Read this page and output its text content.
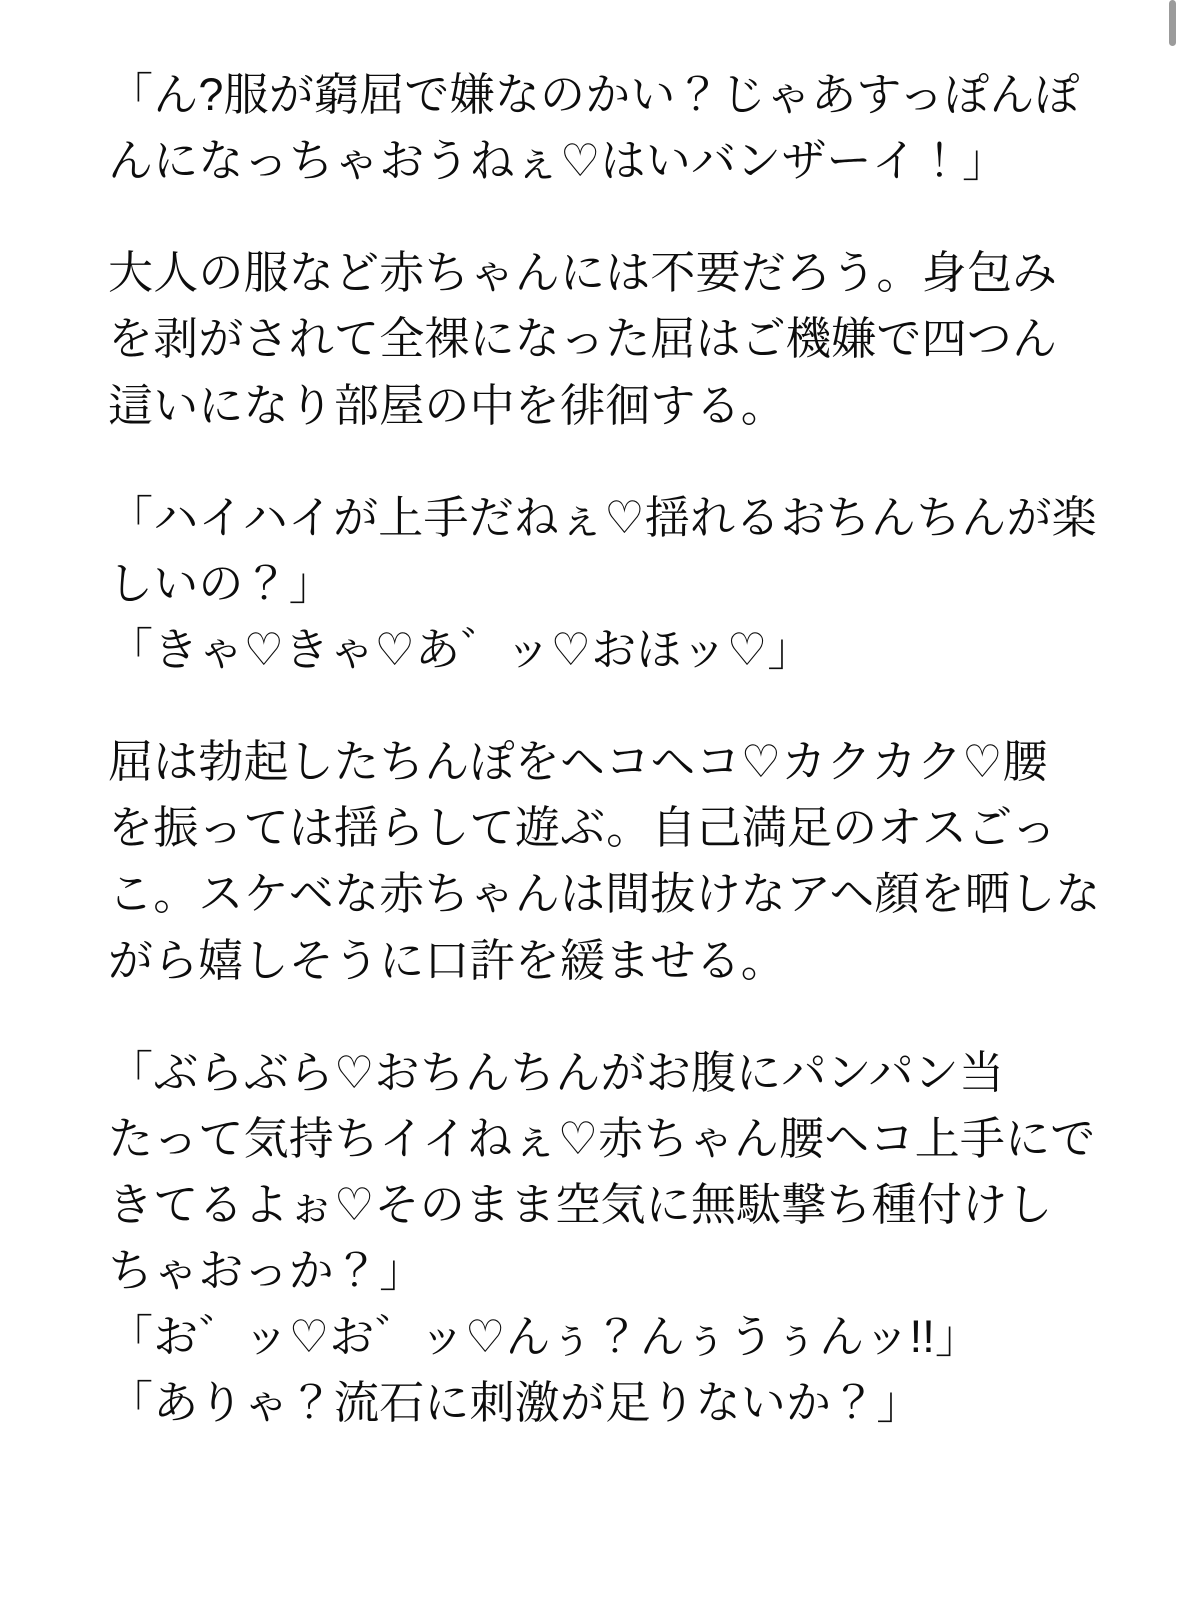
「ん?服が窮屈で嫌なのかい？じゃあすっぽんぽ
んになっちゃおうねぇ♡はいバンザーイ！」
大人の服など赤ちゃんには不要だろう。身包み
を剥がされて全裸になった屈はご機嫌で四つん
這いになり部屋の中を徘徊する。
「ハイハイが上手だねぇ♡揺れるおちんちんが楽
しいの？」
「きゃ♡きゃ♡あ゛ッ♡おほッ♡」
屈は勃起したちんぽをヘコヘコ♡カクカク♡腰
を振っては揺らして遊ぶ。自己満足のオスごっ
こ。スケベな赤ちゃんは間抜けなアヘ顔を晒しな
がら嬉しそうに口許を緩ませる。
「ぶらぶら♡おちんちんがお腹にパンパン当
たって気持ちイイねぇ♡赤ちゃん腰ヘコ上手にで
きてるよぉ♡そのまま空気に無駄撃ち種付けし
ちゃおっか？」
「お゛ッ♡お゛ッ♡んぅ？んぅうぅんッ!!」
「ありゃ？流石に刺激が足りないか？」
